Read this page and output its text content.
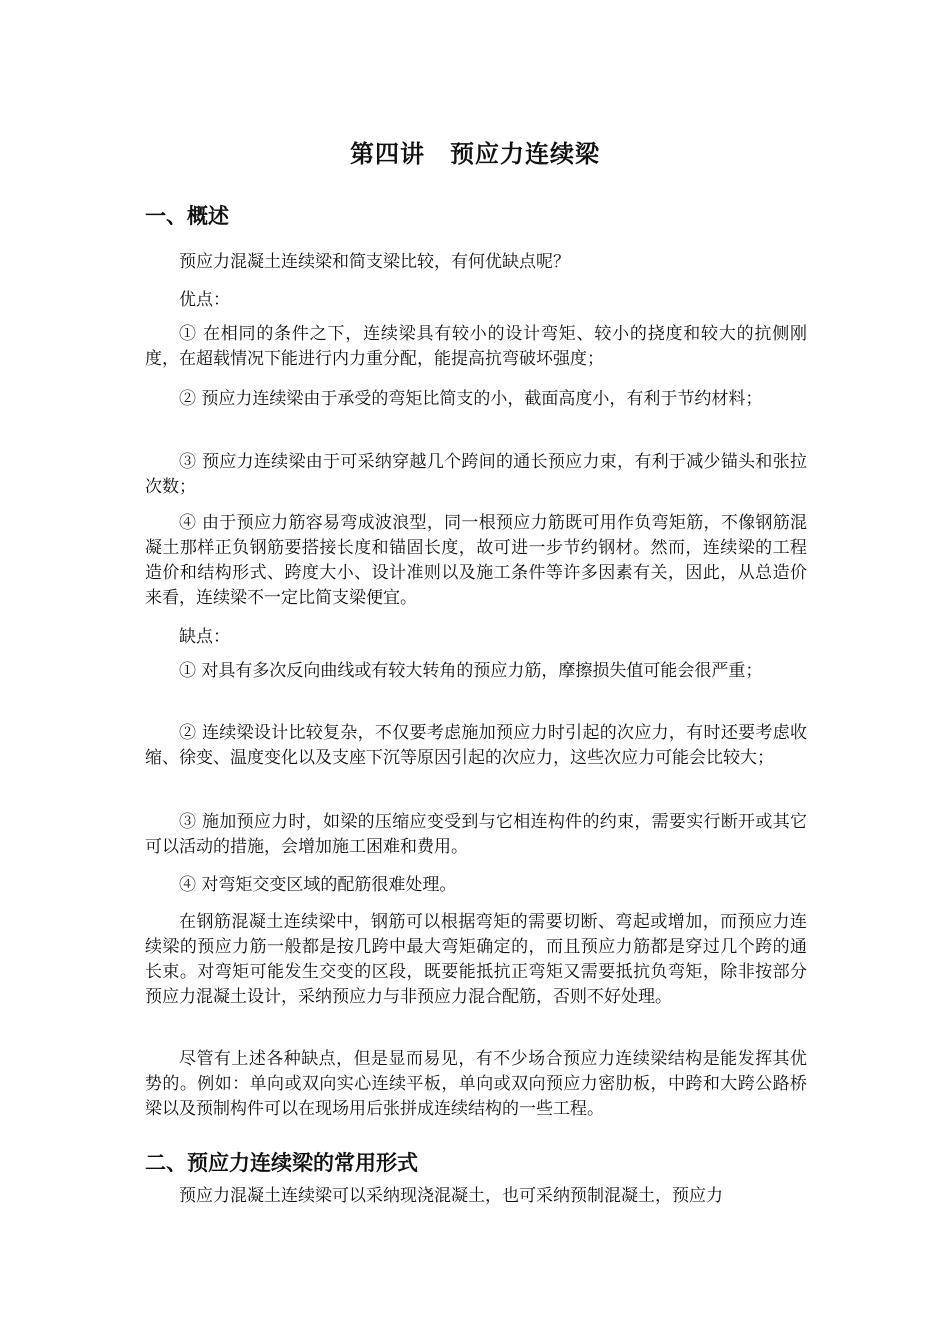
第四讲　预应力连续梁
一、概述

预应力混凝土连续梁和简支梁比较，有何优缺点呢？

优点：

① 在相同的条件之下，连续梁具有较小的设计弯矩、较小的挠度和较大的抗侧刚度，在超载情况下能进行内力重分配，能提高抗弯破坏强度；

② 预应力连续梁由于承受的弯矩比简支的小，截面高度小，有利于节约材料；

③ 预应力连续梁由于可采纳穿越几个跨间的通长预应力束，有利于减少锚头和张拉次数；

④ 由于预应力筋容易弯成波浪型，同一根预应力筋既可用作负弯矩筋，不像钢筋混凝土那样正负钢筋要搭接长度和锚固长度，故可进一步节约钢材。然而，连续梁的工程造价和结构形式、跨度大小、设计准则以及施工条件等许多因素有关，因此，从总造价来看，连续梁不一定比简支梁便宜。

缺点：

① 对具有多次反向曲线或有较大转角的预应力筋，摩擦损失值可能会很严重；

② 连续梁设计比较复杂，不仅要考虑施加预应力时引起的次应力，有时还要考虑收缩、徐变、温度变化以及支座下沉等原因引起的次应力，这些次应力可能会比较大；

③ 施加预应力时，如梁的压缩应变受到与它相连构件的约束，需要实行断开或其它可以活动的措施，会增加施工困难和费用。

④ 对弯矩交变区域的配筋很难处理。

在钢筋混凝土连续梁中，钢筋可以根据弯矩的需要切断、弯起或增加，而预应力连续梁的预应力筋一般都是按几跨中最大弯矩确定的，而且预应力筋都是穿过几个跨的通长束。对弯矩可能发生交变的区段，既要能抵抗正弯矩又需要抵抗负弯矩，除非按部分预应力混凝土设计，采纳预应力与非预应力混合配筋，否则不好处理。

尽管有上述各种缺点，但是显而易见，有不少场合预应力连续梁结构是能发挥其优势的。例如：单向或双向实心连续平板，单向或双向预应力密肋板，中跨和大跨公路桥梁以及预制构件可以在现场用后张拼成连续结构的一些工程。

二、预应力连续梁的常用形式

预应力混凝土连续梁可以采纳现浇混凝土，也可采纳预制混凝土，预应力
